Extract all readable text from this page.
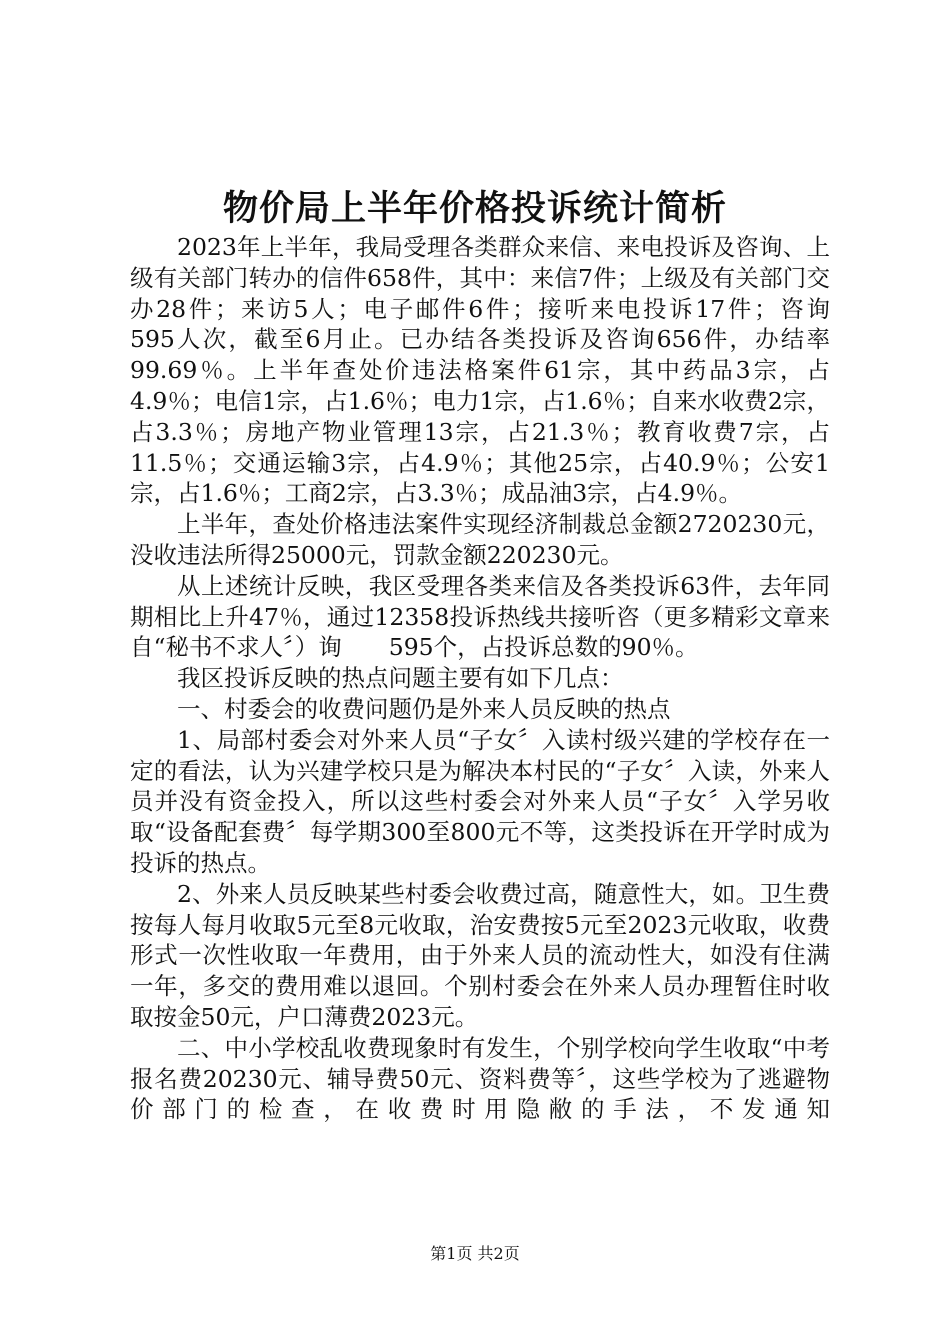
物价局上半年价格投诉统计简析

2023年上半年，我局受理各类群众来信、来电投诉及咨询、上级有关部门转办的信件658件，其中：来信7件；上级及有关部门交办28件；来访5人；电子邮件6件；接听来电投诉17件；咨询　　595人次，截至6月止。已办结各类投诉及咨询656件，办结率99.69％。上半年查处价违法格案件61宗，其中药品3宗，占4.9％；电信1宗，占1.6％；电力1宗，占1.6％；自来水收费2宗，占3.3％；房地产物业管理13宗，占21.3％；教育收费7宗，占11.5％；交通运输3宗，占4.9％；其他25宗，占40.9％；公安1宗，占1.6％；工商2宗，占3.3％；成品油3宗，占4.9％。

上半年，查处价格违法案件实现经济制裁总金额2720230元，没收违法所得25000元，罚款金额220230元。

从上述统计反映，我区受理各类来信及各类投诉63件，去年同期相比上升47％，通过12358投诉热线共接听咨（更多精彩文章来自“秘书不求人〞）询　　595个，占投诉总数的90％。

我区投诉反映的热点问题主要有如下几点：

一、村委会的收费问题仍是外来人员反映的热点

1、局部村委会对外来人员“子女〞入读村级兴建的学校存在一定的看法，认为兴建学校只是为解决本村民的“子女〞入读，外来人员并没有资金投入，所以这些村委会对外来人员“子女〞入学另收取“设备配套费〞每学期300至800元不等，这类投诉在开学时成为投诉的热点。

2、外来人员反映某些村委会收费过高，随意性大，如。卫生费按每人每月收取5元至8元收取，治安费按5元至2023元收取，收费形式一次性收取一年费用，由于外来人员的流动性大，如没有住满一年，多交的费用难以退回。个别村委会在外来人员办理暂住时收取按金50元，户口薄费2023元。

二、中小学校乱收费现象时有发生，个别学校向学生收取“中考报名费20230元、辅导费50元、资料费等〞，这些学校为了逃避物价部门的检查，在收费时用隐敝的手法，不发通知

第1页 共2页
